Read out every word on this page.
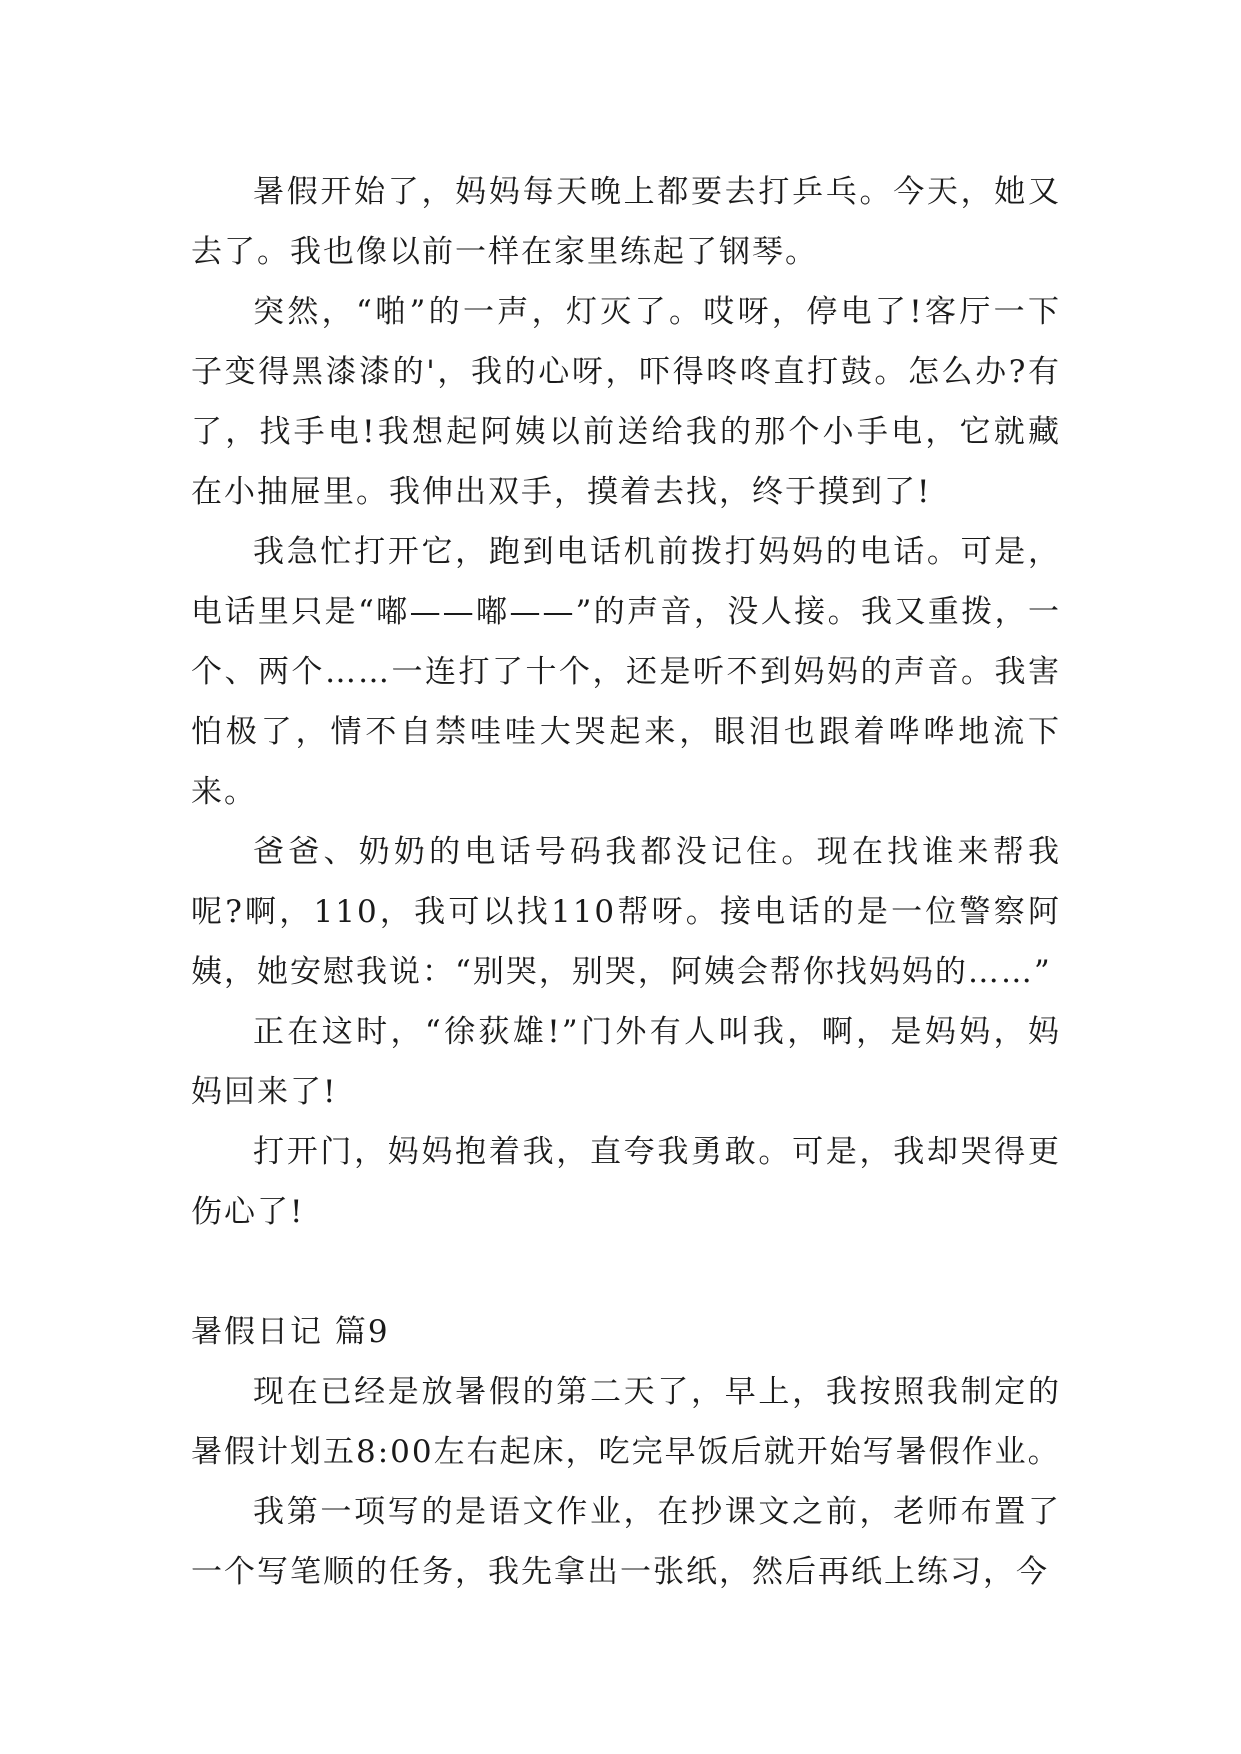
暑假开始了，妈妈每天晚上都要去打乒乓。今天，她又去了。我也像以前一样在家里练起了钢琴。

突然，“啪”的一声，灯灭了。哎呀，停电了!客厅一下子变得黑漆漆的'，我的心呀，吓得咚咚直打鼓。怎么办?有了，找手电!我想起阿姨以前送给我的那个小手电，它就藏在小抽屉里。我伸出双手，摸着去找，终于摸到了!

我急忙打开它，跑到电话机前拨打妈妈的电话。可是，电话里只是“嘟——嘟——”的声音，没人接。我又重拨，一个、两个……一连打了十个，还是听不到妈妈的声音。我害怕极了，情不自禁哇哇大哭起来，眼泪也跟着哗哗地流下来。

爸爸、奶奶的电话号码我都没记住。现在找谁来帮我呢?啊，110，我可以找110帮呀。接电话的是一位警察阿姨，她安慰我说：“别哭，别哭，阿姨会帮你找妈妈的……”

正在这时，“徐荻雄!”门外有人叫我，啊，是妈妈，妈妈回来了!

打开门，妈妈抱着我，直夸我勇敢。可是，我却哭得更伤心了!

暑假日记 篇9

现在已经是放暑假的第二天了，早上，我按照我制定的暑假计划五8:00左右起床，吃完早饭后就开始写暑假作业。

我第一项写的是语文作业，在抄课文之前，老师布置了一个写笔顺的任务，我先拿出一张纸，然后再纸上练习，今
